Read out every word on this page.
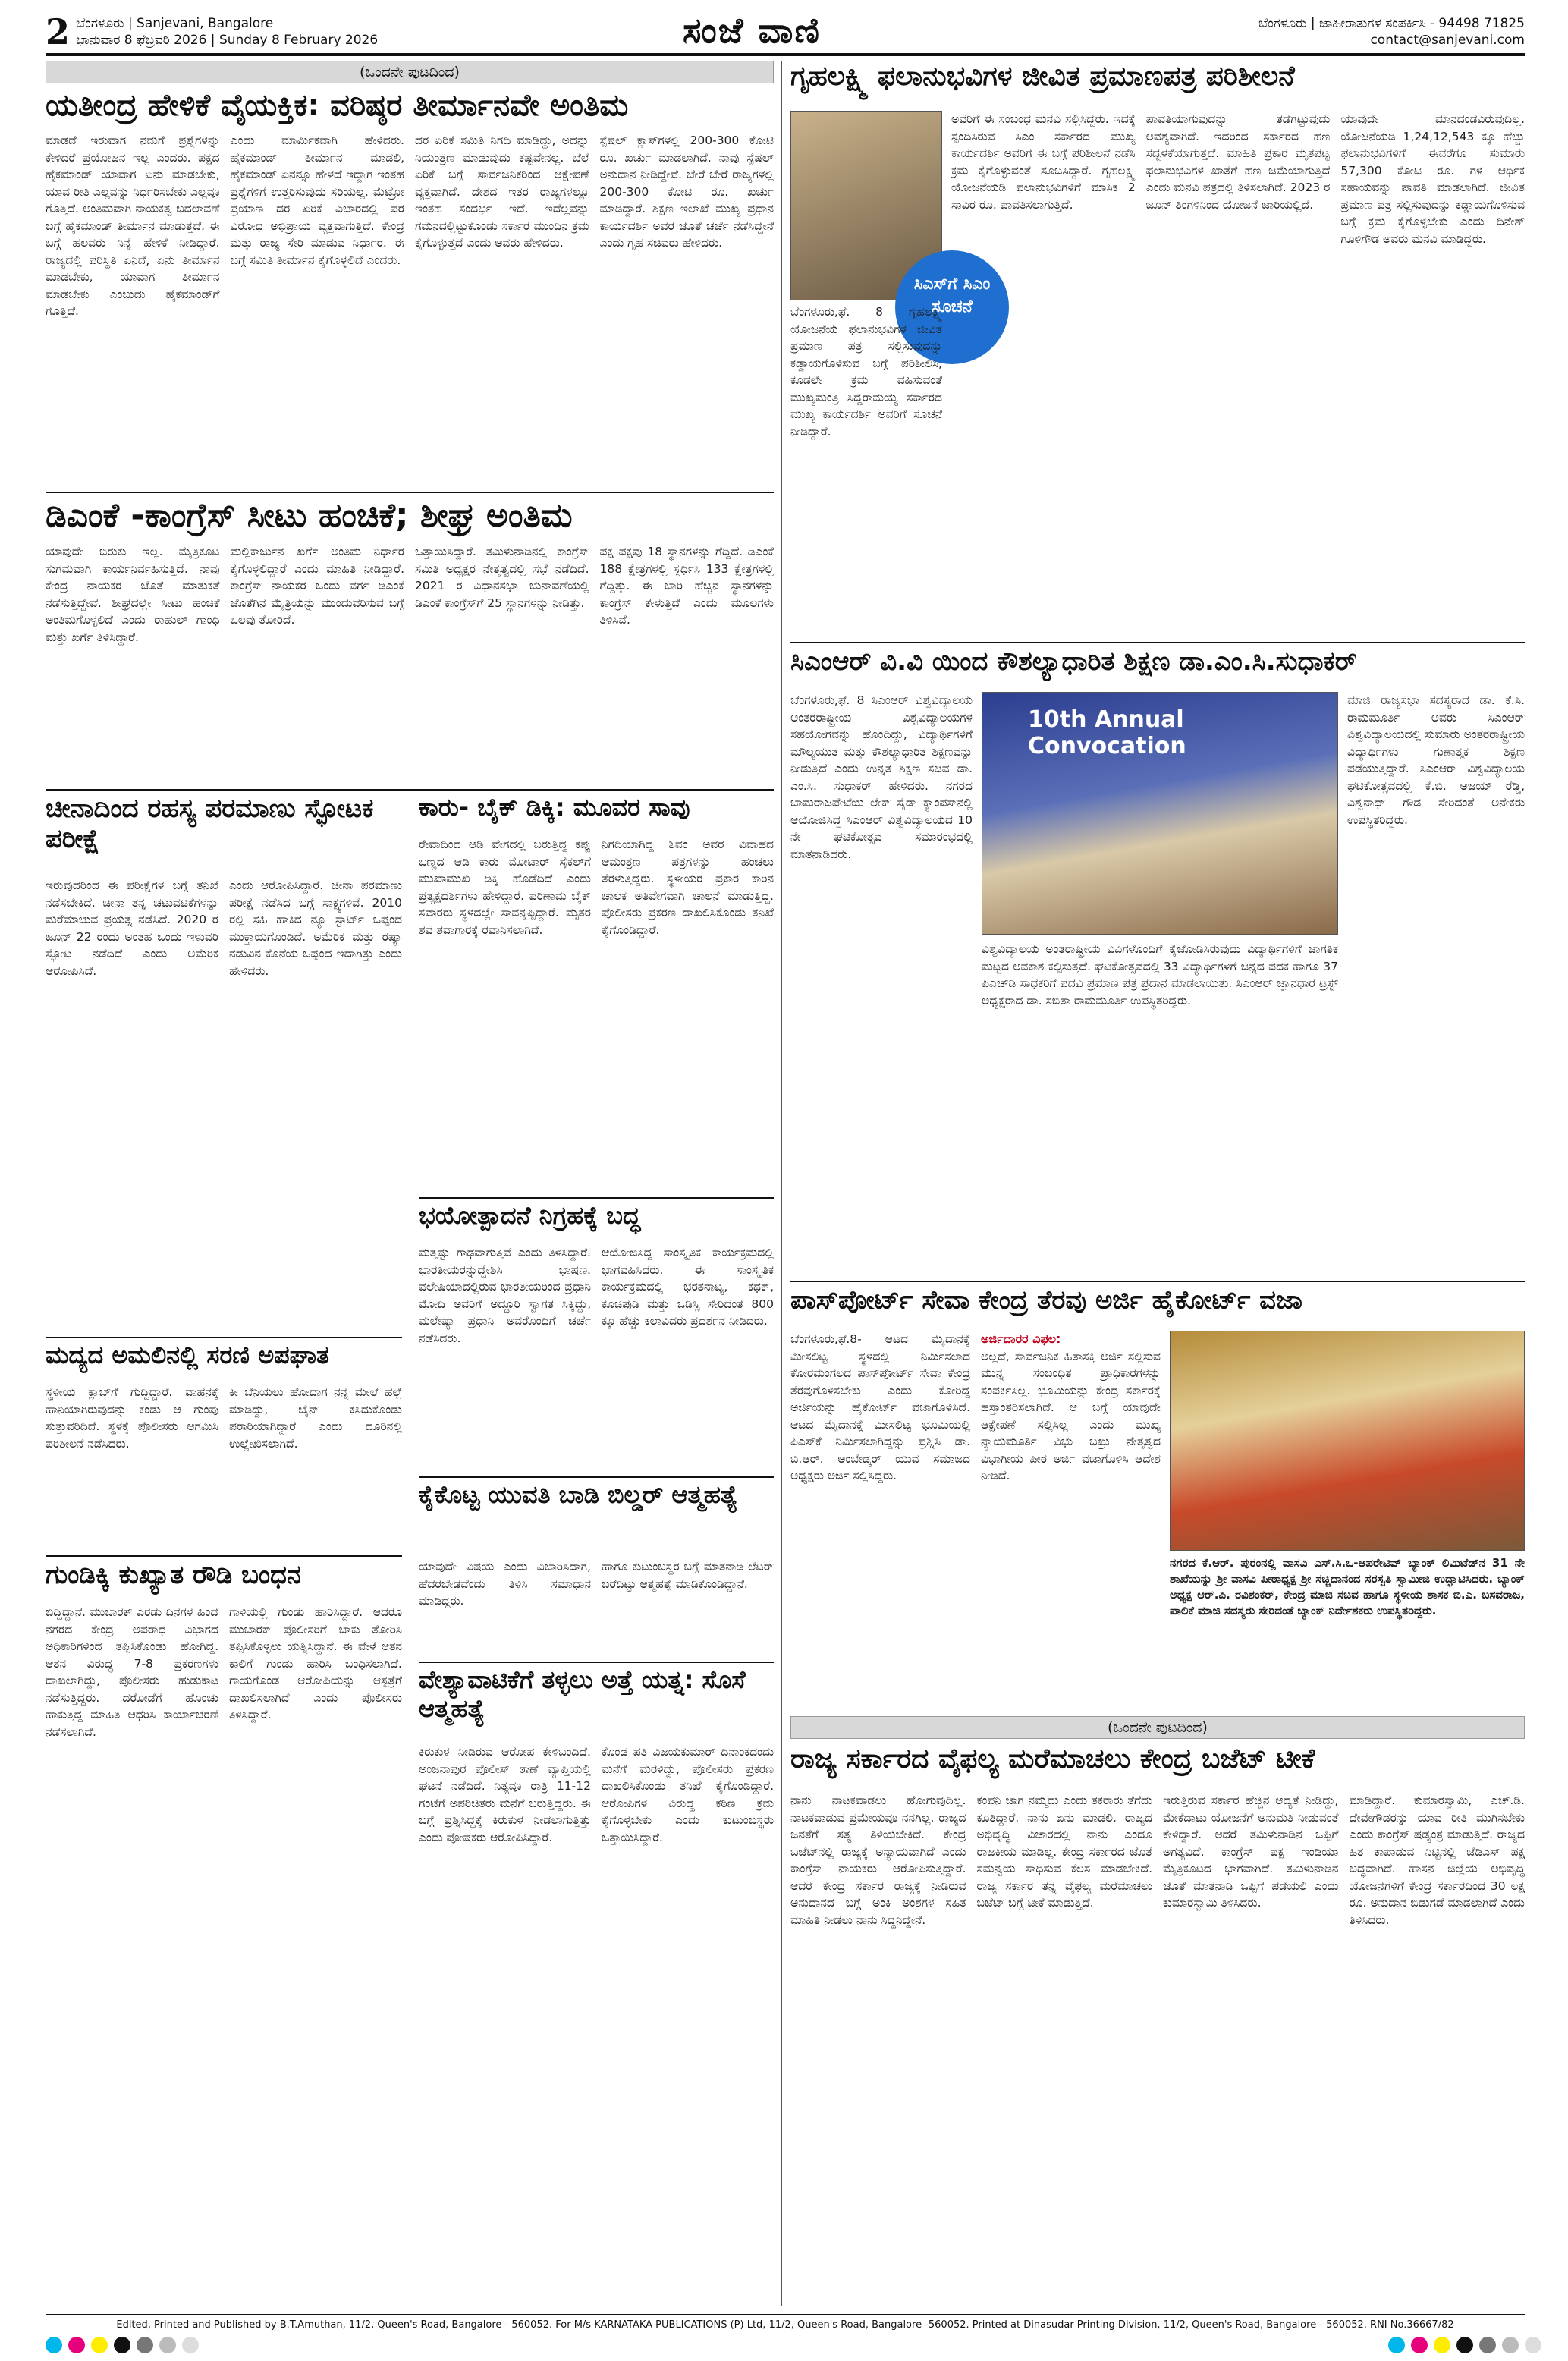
2 ಬೆಂಗಳೂರು | Sanjevani, Bangalore
ಭಾನುವಾರ 8 ಫೆಬ್ರವರಿ 2026 | Sunday 8 February 2026	ಸಂಜೆ ವಾಣಿ	ಬೆಂಗಳೂರು | ಜಾಹೀರಾತುಗಳ ಸಂಪರ್ಕಿಸಿ - 94498 71825
contact@sanjevani.com
(ಒಂದನೇ ಪುಟದಿಂದ)
ಯತೀಂದ್ರ ಹೇಳಿಕೆ ವೈಯಕ್ತಿಕ: ವರಿಷ್ಠರ ತೀರ್ಮಾನವೇ ಅಂತಿಮ
ಮಾಡದೆ ಇರುವಾಗ ನಮಗೆ ಪ್ರಶ್ನೆಗಳನ್ನು ಕೇಳಿದರೆ ಪ್ರಯೋಜನ ಇಲ್ಲ ಎಂದರು. ಪಕ್ಷದ ಹೈಕಮಾಂಡ್ ಯಾವಾಗ ಏನು ಮಾಡಬೇಕು, ಯಾವ ರೀತಿ ಎಲ್ಲವನ್ನು ನಿರ್ಧರಿಸಬೇಕು ಎಲ್ಲವೂ ಗೊತ್ತಿದೆ. ಅಂತಿಮವಾಗಿ ನಾಯಕತ್ವ ಬದಲಾವಣೆ ಬಗ್ಗೆ ಹೈಕಮಾಂಡ್ ತೀರ್ಮಾನ ಮಾಡುತ್ತದೆ. ಈ ಬಗ್ಗೆ ಹಲವರು ನಿನ್ನೆ ಹೇಳಿಕೆ ನೀಡಿದ್ದಾರೆ. ರಾಜ್ಯದಲ್ಲಿ ಪರಿಸ್ಥಿತಿ ಏನಿದೆ, ಏನು ತೀರ್ಮಾನ ಮಾಡಬೇಕು, ಯಾವಾಗ ತೀರ್ಮಾನ ಮಾಡಬೇಕು ಎಂಬುದು ಹೈಕಮಾಂಡ್‌ಗೆ ಗೊತ್ತಿದೆ.
ಎಂದು ಮಾರ್ಮಿಕವಾಗಿ ಹೇಳಿದರು. ಹೈಕಮಾಂಡ್ ತೀರ್ಮಾನ ಮಾಡಲಿ, ಹೈಕಮಾಂಡ್ ಏನನ್ನೂ ಹೇಳದೆ ಇದ್ದಾಗ ಇಂತಹ ಪ್ರಶ್ನೆಗಳಿಗೆ ಉತ್ತರಿಸುವುದು ಸರಿಯಲ್ಲ. ಮೆಟ್ರೋ ಪ್ರಯಾಣ ದರ ಏರಿಕೆ ವಿಚಾರದಲ್ಲಿ ಪರ ವಿರೋಧ ಅಭಿಪ್ರಾಯ ವ್ಯಕ್ತವಾಗುತ್ತಿದೆ. ಕೇಂದ್ರ ಮತ್ತು ರಾಜ್ಯ ಸೇರಿ ಮಾಡುವ ನಿರ್ಧಾರ. ಈ ಬಗ್ಗೆ ಸಮಿತಿ ತೀರ್ಮಾನ ಕೈಗೊಳ್ಳಲಿದೆ ಎಂದರು.
ದರ ಏರಿಕೆ ಸಮಿತಿ ನಿಗದಿ ಮಾಡಿದ್ದು, ಅದನ್ನು ನಿಯಂತ್ರಣ ಮಾಡುವುದು ಕಷ್ಟವೇನಲ್ಲ. ಬೆಲೆ ಏರಿಕೆ ಬಗ್ಗೆ ಸಾರ್ವಜನಿಕರಿಂದ ಆಕ್ಷೇಪಣೆ ವ್ಯಕ್ತವಾಗಿದೆ. ದೇಶದ ಇತರ ರಾಜ್ಯಗಳಲ್ಲೂ ಇಂತಹ ಸಂದರ್ಭ ಇದೆ. ಇದೆಲ್ಲವನ್ನು ಗಮನದಲ್ಲಿಟ್ಟುಕೊಂಡು ಸರ್ಕಾರ ಮುಂದಿನ ಕ್ರಮ ಕೈಗೊಳ್ಳುತ್ತದೆ ಎಂದು ಅವರು ಹೇಳಿದರು.
ಸ್ಪೆಷಲ್ ಕ್ಲಾಸ್‌ಗಳಲ್ಲಿ 200-300 ಕೋಟಿ ರೂ. ಖರ್ಚು ಮಾಡಲಾಗಿದೆ. ನಾವು ಸ್ಪೆಷಲ್ ಅನುದಾನ ನೀಡಿದ್ದೇವೆ. ಬೇರೆ ಬೇರೆ ರಾಜ್ಯಗಳಲ್ಲಿ 200-300 ಕೋಟಿ ರೂ. ಖರ್ಚು ಮಾಡಿದ್ದಾರೆ. ಶಿಕ್ಷಣ ಇಲಾಖೆ ಮುಖ್ಯ ಪ್ರಧಾನ ಕಾರ್ಯದರ್ಶಿ ಅವರ ಜೊತೆ ಚರ್ಚೆ ನಡೆಸಿದ್ದೇನೆ ಎಂದು ಗೃಹ ಸಚಿವರು ಹೇಳಿದರು.
ಡಿಎಂಕೆ -ಕಾಂಗ್ರೆಸ್ ಸೀಟು ಹಂಚಿಕೆ; ಶೀಘ್ರ ಅಂತಿಮ
ಯಾವುದೇ ಬಿರುಕು ಇಲ್ಲ. ಮೈತ್ರಿಕೂಟ ಸುಗಮವಾಗಿ ಕಾರ್ಯನಿರ್ವಹಿಸುತ್ತಿದೆ. ನಾವು ಕೇಂದ್ರ ನಾಯಕರ ಜೊತೆ ಮಾತುಕತೆ ನಡೆಸುತ್ತಿದ್ದೇವೆ. ಶೀಘ್ರದಲ್ಲೇ ಸೀಟು ಹಂಚಿಕೆ ಅಂತಿಮಗೊಳ್ಳಲಿದೆ ಎಂದು ರಾಹುಲ್ ಗಾಂಧಿ ಮತ್ತು ಖರ್ಗೆ ತಿಳಿಸಿದ್ದಾರೆ.
ಮಲ್ಲಿಕಾರ್ಜುನ ಖರ್ಗೆ ಅಂತಿಮ ನಿರ್ಧಾರ ಕೈಗೊಳ್ಳಲಿದ್ದಾರೆ ಎಂದು ಮಾಹಿತಿ ನೀಡಿದ್ದಾರೆ. ಕಾಂಗ್ರೆಸ್ ನಾಯಕರ ಒಂದು ವರ್ಗ ಡಿಎಂಕೆ ಜೊತೆಗಿನ ಮೈತ್ರಿಯನ್ನು ಮುಂದುವರಿಸುವ ಬಗ್ಗೆ ಒಲವು ತೋರಿದೆ.
ಒತ್ತಾಯಿಸಿದ್ದಾರೆ. ತಮಿಳುನಾಡಿನಲ್ಲಿ ಕಾಂಗ್ರೆಸ್ ಸಮಿತಿ ಅಧ್ಯಕ್ಷರ ನೇತೃತ್ವದಲ್ಲಿ ಸಭೆ ನಡೆದಿದೆ. 2021 ರ ವಿಧಾನಸಭಾ ಚುನಾವಣೆಯಲ್ಲಿ ಡಿಎಂಕೆ ಕಾಂಗ್ರೆಸ್‌ಗೆ 25 ಸ್ಥಾನಗಳನ್ನು ನೀಡಿತ್ತು.
ಪಕ್ಷ ಪಕ್ಷವು 18 ಸ್ಥಾನಗಳನ್ನು ಗೆದ್ದಿದೆ. ಡಿಎಂಕೆ 188 ಕ್ಷೇತ್ರಗಳಲ್ಲಿ ಸ್ಪರ್ಧಿಸಿ 133 ಕ್ಷೇತ್ರಗಳಲ್ಲಿ ಗೆದ್ದಿತ್ತು. ಈ ಬಾರಿ ಹೆಚ್ಚಿನ ಸ್ಥಾನಗಳನ್ನು ಕಾಂಗ್ರೆಸ್ ಕೇಳುತ್ತಿದೆ ಎಂದು ಮೂಲಗಳು ತಿಳಿಸಿವೆ.
ಚೀನಾದಿಂದ ರಹಸ್ಯ ಪರಮಾಣು ಸ್ಫೋಟಕ ಪರೀಕ್ಷೆ
ಇರುವುದರಿಂದ ಈ ಪರೀಕ್ಷೆಗಳ ಬಗ್ಗೆ ತನಿಖೆ ನಡೆಸಬೇಕಿದೆ. ಚೀನಾ ತನ್ನ ಚಟುವಟಿಕೆಗಳನ್ನು ಮರೆಮಾಚುವ ಪ್ರಯತ್ನ ನಡೆಸಿದೆ. 2020 ರ ಜೂನ್ 22 ರಂದು ಅಂತಹ ಒಂದು ಇಳುವರಿ ಸ್ಫೋಟ ನಡೆದಿದೆ ಎಂದು ಅಮೆರಿಕ ಆರೋಪಿಸಿದೆ.
ಎಂದು ಆರೋಪಿಸಿದ್ದಾರೆ. ಚೀನಾ ಪರಮಾಣು ಪರೀಕ್ಷೆ ನಡೆಸಿದ ಬಗ್ಗೆ ಸಾಕ್ಷ್ಯಗಳಿವೆ. 2010 ರಲ್ಲಿ ಸಹಿ ಹಾಕಿದ ನ್ಯೂ ಸ್ಟಾರ್ಟ್ ಒಪ್ಪಂದ ಮುಕ್ತಾಯಗೊಂಡಿದೆ. ಅಮೆರಿಕ ಮತ್ತು ರಷ್ಯಾ ನಡುವಿನ ಕೊನೆಯ ಒಪ್ಪಂದ ಇದಾಗಿತ್ತು ಎಂದು ಹೇಳಿದರು.
ಕಾರು- ಬೈಕ್ ಡಿಕ್ಕಿ: ಮೂವರ ಸಾವು
ರೇವಾದಿಂದ ಆಡಿ ವೇಗದಲ್ಲಿ ಬರುತ್ತಿದ್ದ ಕಪ್ಪು ಬಣ್ಣದ ಆಡಿ ಕಾರು ಮೋಟಾರ್ ಸೈಕಲ್‌ಗೆ ಮುಖಾಮುಖಿ ಡಿಕ್ಕಿ ಹೊಡೆದಿದೆ ಎಂದು ಪ್ರತ್ಯಕ್ಷದರ್ಶಿಗಳು ಹೇಳಿದ್ದಾರೆ. ಪರಿಣಾಮ ಬೈಕ್ ಸವಾರರು ಸ್ಥಳದಲ್ಲೇ ಸಾವನ್ನಪ್ಪಿದ್ದಾರೆ. ಮೃತರ ಶವ ಶವಾಗಾರಕ್ಕೆ ರವಾನಿಸಲಾಗಿದೆ.
ನಿಗದಿಯಾಗಿದ್ದ ಶಿವಂ ಅವರ ವಿವಾಹದ ಆಮಂತ್ರಣ ಪತ್ರಗಳನ್ನು ಹಂಚಲು ತೆರಳುತ್ತಿದ್ದರು. ಸ್ಥಳೀಯರ ಪ್ರಕಾರ ಕಾರಿನ ಚಾಲಕ ಅತಿವೇಗವಾಗಿ ಚಾಲನೆ ಮಾಡುತ್ತಿದ್ದ. ಪೊಲೀಸರು ಪ್ರಕರಣ ದಾಖಲಿಸಿಕೊಂಡು ತನಿಖೆ ಕೈಗೊಂಡಿದ್ದಾರೆ.
ಭಯೋತ್ಪಾದನೆ ನಿಗ್ರಹಕ್ಕೆ ಬದ್ಧ
ಮತ್ತಷ್ಟು ಗಾಢವಾಗುತ್ತಿವೆ ಎಂದು ತಿಳಿಸಿದ್ದಾರೆ. ಭಾರತೀಯರನ್ನುದ್ದೇಶಿಸಿ ಭಾಷಣ. ವಲೇಷಿಯಾದಲ್ಲಿರುವ ಭಾರತೀಯರಿಂದ ಪ್ರಧಾನಿ ಮೋದಿ ಅವರಿಗೆ ಅದ್ಧೂರಿ ಸ್ವಾಗತ ಸಿಕ್ಕಿದ್ದು, ಮಲೇಷ್ಯಾ ಪ್ರಧಾನಿ ಅವರೊಂದಿಗೆ ಚರ್ಚೆ ನಡೆಸಿದರು.
ಆಯೋಜಿಸಿದ್ದ ಸಾಂಸ್ಕೃತಿಕ ಕಾರ್ಯಕ್ರಮದಲ್ಲಿ ಭಾಗವಹಿಸಿದರು. ಈ ಸಾಂಸ್ಕೃತಿಕ ಕಾರ್ಯಕ್ರಮದಲ್ಲಿ ಭರತನಾಟ್ಯ, ಕಥಕ್, ಕೂಚಿಪುಡಿ ಮತ್ತು ಒಡಿಸ್ಸಿ ಸೇರಿದಂತೆ 800 ಕ್ಕೂ ಹೆಚ್ಚು ಕಲಾವಿದರು ಪ್ರದರ್ಶನ ನೀಡಿದರು.
ಮದ್ಯದ ಅಮಲಿನಲ್ಲಿ ಸರಣಿ ಅಪಘಾತ
ಸ್ಥಳೀಯ ಕ್ಲಾಬ್‌ಗೆ ಗುದ್ದಿದ್ದಾರೆ. ವಾಹನಕ್ಕೆ ಹಾನಿಯಾಗಿರುವುದನ್ನು ಕಂಡು ಆ ಗುಂಪು ಸುತ್ತುವರಿದಿದೆ. ಸ್ಥಳಕ್ಕೆ ಪೊಲೀಸರು ಆಗಮಿಸಿ ಪರಿಶೀಲನೆ ನಡೆಸಿದರು.
ಕೀ ಬೆನಿಯಲು ಹೋದಾಗ ನನ್ನ ಮೇಲೆ ಹಲ್ಲೆ ಮಾಡಿದ್ದು, ಚೈನ್ ಕಸಿದುಕೊಂಡು ಪರಾರಿಯಾಗಿದ್ದಾರೆ ಎಂದು ದೂರಿನಲ್ಲಿ ಉಲ್ಲೇಖಿಸಲಾಗಿದೆ.
ಕೈಕೊಟ್ಟ ಯುವತಿ ಬಾಡಿ ಬಿಲ್ಡರ್ ಆತ್ಮಹತ್ಯೆ
ಯಾವುದೇ ವಿಷಯ ಎಂದು ವಿಚಾರಿಸಿದಾಗ, ಹೆದರಬೇಡವೆಂದು ತಿಳಿಸಿ ಸಮಾಧಾನ ಮಾಡಿದ್ದರು.
ಹಾಗೂ ಕುಟುಂಬಸ್ಥರ ಬಗ್ಗೆ ಮಾತನಾಡಿ ಲೆಟರ್ ಬರೆದಿಟ್ಟು ಆತ್ಮಹತ್ಯೆ ಮಾಡಿಕೊಂಡಿದ್ದಾನೆ.
ಗುಂಡಿಕ್ಕಿ ಕುಖ್ಯಾತ ರೌಡಿ ಬಂಧನ
ಬಿದ್ದಿದ್ದಾನೆ. ಮುಬಾರಕ್ ಎರಡು ದಿನಗಳ ಹಿಂದೆ ನಗರದ ಕೇಂದ್ರ ಅಪರಾಧ ವಿಭಾಗದ ಅಧಿಕಾರಿಗಳಿಂದ ತಪ್ಪಿಸಿಕೊಂಡು ಹೋಗಿದ್ದ. ಆತನ ವಿರುದ್ಧ 7-8 ಪ್ರಕರಣಗಳು ದಾಖಲಾಗಿದ್ದು, ಪೊಲೀಸರು ಹುಡುಕಾಟ ನಡೆಸುತ್ತಿದ್ದರು. ದರೋಡೆಗೆ ಹೊಂಚು ಹಾಕುತ್ತಿದ್ದ ಮಾಹಿತಿ ಆಧರಿಸಿ ಕಾರ್ಯಾಚರಣೆ ನಡೆಸಲಾಗಿದೆ.
ಗಾಳಿಯಲ್ಲಿ ಗುಂಡು ಹಾರಿಸಿದ್ದಾರೆ. ಆದರೂ ಮುಬಾರಕ್ ಪೊಲೀಸರಿಗೆ ಚಾಕು ತೋರಿಸಿ ತಪ್ಪಿಸಿಕೊಳ್ಳಲು ಯತ್ನಿಸಿದ್ದಾನೆ. ಈ ವೇಳೆ ಆತನ ಕಾಲಿಗೆ ಗುಂಡು ಹಾರಿಸಿ ಬಂಧಿಸಲಾಗಿದೆ. ಗಾಯಗೊಂಡ ಆರೋಪಿಯನ್ನು ಆಸ್ಪತ್ರೆಗೆ ದಾಖಲಿಸಲಾಗಿದೆ ಎಂದು ಪೊಲೀಸರು ತಿಳಿಸಿದ್ದಾರೆ.
ವೇಶ್ಯಾವಾಟಿಕೆಗೆ ತಳ್ಳಲು ಅತ್ತೆ ಯತ್ನ: ಸೊಸೆ ಆತ್ಮಹತ್ಯೆ
ಕಿರುಕುಳ ನೀಡಿರುವ ಆರೋಪ ಕೇಳಿಬಂದಿದೆ. ಅಂಜನಾಪುರ ಪೊಲೀಸ್ ಠಾಣೆ ವ್ಯಾಪ್ತಿಯಲ್ಲಿ ಘಟನೆ ನಡೆದಿದೆ. ನಿತ್ಯವೂ ರಾತ್ರಿ 11-12 ಗಂಟೆಗೆ ಅಪರಿಚಿತರು ಮನೆಗೆ ಬರುತ್ತಿದ್ದರು. ಈ ಬಗ್ಗೆ ಪ್ರಶ್ನಿಸಿದ್ದಕ್ಕೆ ಕಿರುಕುಳ ನೀಡಲಾಗುತ್ತಿತ್ತು ಎಂದು ಪೋಷಕರು ಆರೋಪಿಸಿದ್ದಾರೆ.
ಕೊಂಡ ಪತಿ ವಿಜಯಕುಮಾರ್ ದಿನಾಂಕದಂದು ಮನೆಗೆ ಮರಳಿದ್ದು, ಪೊಲೀಸರು ಪ್ರಕರಣ ದಾಖಲಿಸಿಕೊಂಡು ತನಿಖೆ ಕೈಗೊಂಡಿದ್ದಾರೆ. ಆರೋಪಿಗಳ ವಿರುದ್ಧ ಕಠಿಣ ಕ್ರಮ ಕೈಗೊಳ್ಳಬೇಕು ಎಂದು ಕುಟುಂಬಸ್ಥರು ಒತ್ತಾಯಿಸಿದ್ದಾರೆ.
ಗೃಹಲಕ್ಷ್ಮಿ ಫಲಾನುಭವಿಗಳ ಜೀವಿತ ಪ್ರಮಾಣಪತ್ರ ಪರಿಶೀಲನೆ
ಸಿಎಸ್‌ಗೆ ಸಿಎಂ ಸೂಚನೆ
ಬೆಂಗಳೂರು,ಫೆ. 8 ಗೃಹಲಕ್ಷ್ಮಿ ಯೋಜನೆಯ ಫಲಾನುಭವಿಗಳ ಜೀವಿತ ಪ್ರಮಾಣ ಪತ್ರ ಸಲ್ಲಿಸುವುದನ್ನು ಕಡ್ಡಾಯಗೊಳಿಸುವ ಬಗ್ಗೆ ಪರಿಶೀಲಿಸಿ, ಕೂಡಲೇ ಕ್ರಮ ವಹಿಸುವಂತೆ ಮುಖ್ಯಮಂತ್ರಿ ಸಿದ್ದರಾಮಯ್ಯ ಸರ್ಕಾರದ ಮುಖ್ಯ ಕಾರ್ಯದರ್ಶಿ ಅವರಿಗೆ ಸೂಚನೆ ನೀಡಿದ್ದಾರೆ.
ಅವರಿಗೆ ಈ ಸಂಬಂಧ ಮನವಿ ಸಲ್ಲಿಸಿದ್ದರು. ಇದಕ್ಕೆ ಸ್ಪಂದಿಸಿರುವ ಸಿಎಂ ಸರ್ಕಾರದ ಮುಖ್ಯ ಕಾರ್ಯದರ್ಶಿ ಅವರಿಗೆ ಈ ಬಗ್ಗೆ ಪರಿಶೀಲನೆ ನಡೆಸಿ ಕ್ರಮ ಕೈಗೊಳ್ಳುವಂತೆ ಸೂಚಿಸಿದ್ದಾರೆ. ಗೃಹಲಕ್ಷ್ಮಿ ಯೋಜನೆಯಡಿ ಫಲಾನುಭವಿಗಳಿಗೆ ಮಾಸಿಕ 2 ಸಾವಿರ ರೂ. ಪಾವತಿಸಲಾಗುತ್ತಿದೆ.
ಪಾವತಿಯಾಗುವುದನ್ನು ತಡೆಗಟ್ಟುವುದು ಅವಶ್ಯವಾಗಿದೆ. ಇದರಿಂದ ಸರ್ಕಾರದ ಹಣ ಸದ್ಬಳಕೆಯಾಗುತ್ತದೆ. ಮಾಹಿತಿ ಪ್ರಕಾರ ಮೃತಪಟ್ಟ ಫಲಾನುಭವಿಗಳ ಖಾತೆಗೆ ಹಣ ಜಮೆಯಾಗುತ್ತಿದೆ ಎಂದು ಮನವಿ ಪತ್ರದಲ್ಲಿ ತಿಳಿಸಲಾಗಿದೆ. 2023 ರ ಜೂನ್ ತಿಂಗಳಿನಿಂದ ಯೋಜನೆ ಜಾರಿಯಲ್ಲಿದೆ.
ಯಾವುದೇ ಮಾನದಂಡವಿರುವುದಿಲ್ಲ. ಯೋಜನೆಯಡಿ 1,24,12,543 ಕ್ಕೂ ಹೆಚ್ಚು ಫಲಾನುಭವಿಗಳಿಗೆ ಈವರೆಗೂ ಸುಮಾರು 57,300 ಕೋಟಿ ರೂ. ಗಳ ಆರ್ಥಿಕ ಸಹಾಯವನ್ನು ಪಾವತಿ ಮಾಡಲಾಗಿದೆ. ಜೀವಿತ ಪ್ರಮಾಣ ಪತ್ರ ಸಲ್ಲಿಸುವುದನ್ನು ಕಡ್ಡಾಯಗೊಳಿಸುವ ಬಗ್ಗೆ ಕ್ರಮ ಕೈಗೊಳ್ಳಬೇಕು ಎಂದು ದಿನೇಶ್ ಗೂಳಿಗೌಡ ಅವರು ಮನವಿ ಮಾಡಿದ್ದರು.
ಸಿಎಂಆರ್ ವಿ.ವಿ ಯಿಂದ ಕೌಶಲ್ಯಾಧಾರಿತ ಶಿಕ್ಷಣ ಡಾ.ಎಂ.ಸಿ.ಸುಧಾಕರ್
ಬೆಂಗಳೂರು,ಫೆ. 8 ಸಿಎಂಆರ್ ವಿಶ್ವವಿದ್ಯಾಲಯ ಅಂತರರಾಷ್ಟ್ರೀಯ ವಿಶ್ವವಿದ್ಯಾಲಯಗಳ ಸಹಯೋಗವನ್ನು ಹೊಂದಿದ್ದು, ವಿದ್ಯಾರ್ಥಿಗಳಿಗೆ ಮೌಲ್ಯಯುತ ಮತ್ತು ಕೌಶಲ್ಯಾಧಾರಿತ ಶಿಕ್ಷಣವನ್ನು ನೀಡುತ್ತಿದೆ ಎಂದು ಉನ್ನತ ಶಿಕ್ಷಣ ಸಚಿವ ಡಾ. ಎಂ.ಸಿ. ಸುಧಾಕರ್ ಹೇಳಿದರು. ನಗರದ ಚಾಮರಾಜಪೇಟೆಯ ಲೇಕ್ ಸೈಡ್ ಕ್ಯಾಂಪಸ್‌ನಲ್ಲಿ ಆಯೋಜಿಸಿದ್ದ ಸಿಎಂಆರ್ ವಿಶ್ವವಿದ್ಯಾಲಯದ 10 ನೇ ಘಟಿಕೋತ್ಸವ ಸಮಾರಂಭದಲ್ಲಿ ಮಾತನಾಡಿದರು.
10th Annual Convocation
ವಿಶ್ವವಿದ್ಯಾಲಯ ಅಂತರಾಷ್ಟ್ರೀಯ ವಿವಿಗಳೊಂದಿಗೆ ಕೈಜೋಡಿಸಿರುವುದು ವಿದ್ಯಾರ್ಥಿಗಳಿಗೆ ಜಾಗತಿಕ ಮಟ್ಟದ ಅವಕಾಶ ಕಲ್ಪಿಸುತ್ತದೆ. ಘಟಿಕೋತ್ಸವದಲ್ಲಿ 33 ವಿದ್ಯಾರ್ಥಿಗಳಿಗೆ ಚಿನ್ನದ ಪದಕ ಹಾಗೂ 37 ಪಿಎಚ್‌ಡಿ ಸಾಧಕರಿಗೆ ಪದವಿ ಪ್ರಮಾಣ ಪತ್ರ ಪ್ರದಾನ ಮಾಡಲಾಯಿತು. ಸಿಎಂಆರ್ ಜ್ಞಾನಧಾರ ಟ್ರಸ್ಟ್ ಅಧ್ಯಕ್ಷರಾದ ಡಾ. ಸಬಿತಾ ರಾಮಮೂರ್ತಿ ಉಪಸ್ಥಿತರಿದ್ದರು.
ಮಾಜಿ ರಾಜ್ಯಸಭಾ ಸದಸ್ಯರಾದ ಡಾ. ಕೆ.ಸಿ. ರಾಮಮೂರ್ತಿ ಅವರು ಸಿಎಂಆರ್ ವಿಶ್ವವಿದ್ಯಾಲಯದಲ್ಲಿ ಸುಮಾರು ಅಂತರರಾಷ್ಟ್ರೀಯ ವಿದ್ಯಾರ್ಥಿಗಳು ಗುಣಾತ್ಮಕ ಶಿಕ್ಷಣ ಪಡೆಯುತ್ತಿದ್ದಾರೆ. ಸಿಎಂಆರ್ ವಿಶ್ವವಿದ್ಯಾಲಯ ಘಟಿಕೋತ್ಸವದಲ್ಲಿ ಕೆ.ಬಿ. ಅಜಯ್ ರೆಡ್ಡಿ, ವಿಶ್ವನಾಥ್ ಗೌಡ ಸೇರಿದಂತೆ ಅನೇಕರು ಉಪಸ್ಥಿತರಿದ್ದರು.
ಪಾಸ್‌ಪೋರ್ಟ್ ಸೇವಾ ಕೇಂದ್ರ ತೆರವು ಅರ್ಜಿ ಹೈಕೋರ್ಟ್ ವಜಾ
ಬೆಂಗಳೂರು,ಫೆ.8- ಆಟದ ಮೈದಾನಕ್ಕೆ ಮೀಸಲಿಟ್ಟ ಸ್ಥಳದಲ್ಲಿ ನಿರ್ಮಿಸಲಾದ ಕೋರಮಂಗಲದ ಪಾಸ್‌ಪೋರ್ಟ್ ಸೇವಾ ಕೇಂದ್ರ ತೆರವುಗೊಳಿಸಬೇಕು ಎಂದು ಕೋರಿದ್ದ ಅರ್ಜಿಯನ್ನು ಹೈಕೋರ್ಟ್ ವಜಾಗೊಳಿಸಿದೆ. ಆಟದ ಮೈದಾನಕ್ಕೆ ಮೀಸಲಿಟ್ಟ ಭೂಮಿಯಲ್ಲಿ ಪಿಎಸ್‌ಕೆ ನಿರ್ಮಿಸಲಾಗಿದ್ದನ್ನು ಪ್ರಶ್ನಿಸಿ ಡಾ. ಬಿ.ಆರ್. ಅಂಬೇಡ್ಕರ್ ಯುವ ಸಮಾಜದ ಅಧ್ಯಕ್ಷರು ಅರ್ಜಿ ಸಲ್ಲಿಸಿದ್ದರು.
ಅರ್ಜಿದಾರರ ವಿಫಲ:
ಅಲ್ಲದೆ, ಸಾರ್ವಜನಿಕ ಹಿತಾಸಕ್ತಿ ಅರ್ಜಿ ಸಲ್ಲಿಸುವ ಮುನ್ನ ಸಂಬಂಧಿತ ಪ್ರಾಧಿಕಾರಗಳನ್ನು ಸಂಪರ್ಕಿಸಿಲ್ಲ. ಭೂಮಿಯನ್ನು ಕೇಂದ್ರ ಸರ್ಕಾರಕ್ಕೆ ಹಸ್ತಾಂತರಿಸಲಾಗಿದೆ. ಆ ಬಗ್ಗೆ ಯಾವುದೇ ಆಕ್ಷೇಪಣೆ ಸಲ್ಲಿಸಿಲ್ಲ ಎಂದು ಮುಖ್ಯ ನ್ಯಾಯಮೂರ್ತಿ ವಿಭು ಬಖ್ರು ನೇತೃತ್ವದ ವಿಭಾಗೀಯ ಪೀಠ ಅರ್ಜಿ ವಜಾಗೊಳಿಸಿ ಆದೇಶ ನೀಡಿದೆ.
ನಗರದ ಕೆ.ಆರ್. ಪುರಂನಲ್ಲಿ ವಾಸವಿ ಎಸ್.ಸಿ.ಒ-ಆಪರೇಟಿವ್ ಬ್ಯಾಂಕ್ ಲಿಮಿಟೆಡ್‌ನ 31 ನೇ ಶಾಖೆಯನ್ನು ಶ್ರೀ ವಾಸವಿ ಪೀಠಾಧ್ಯಕ್ಷ ಶ್ರೀ ಸಚ್ಚಿದಾನಂದ ಸರಸ್ವತಿ ಸ್ವಾಮೀಜಿ ಉದ್ಘಾಟಿಸಿದರು. ಬ್ಯಾಂಕ್ ಅಧ್ಯಕ್ಷ ಆರ್.ಪಿ. ರವಿಶಂಕರ್, ಕೇಂದ್ರ ಮಾಜಿ ಸಚಿವ ಹಾಗೂ ಸ್ಥಳೀಯ ಶಾಸಕ ಬಿ.ಎ. ಬಸವರಾಜ, ಪಾಲಿಕೆ ಮಾಜಿ ಸದಸ್ಯರು ಸೇರಿದಂತೆ ಬ್ಯಾಂಕ್ ನಿರ್ದೇಶಕರು ಉಪಸ್ಥಿತರಿದ್ದರು.
(ಒಂದನೇ ಪುಟದಿಂದ)
ರಾಜ್ಯ ಸರ್ಕಾರದ ವೈಫಲ್ಯ ಮರೆಮಾಚಲು ಕೇಂದ್ರ ಬಜೆಟ್ ಟೀಕೆ
ನಾನು ನಾಟಕವಾಡಲು ಹೋಗುವುದಿಲ್ಲ. ನಾಟಕವಾಡುವ ಪ್ರಮೇಯವೂ ನನಗಿಲ್ಲ. ರಾಜ್ಯದ ಜನತೆಗೆ ಸತ್ಯ ತಿಳಿಯಬೇಕಿದೆ. ಕೇಂದ್ರ ಬಜೆಟ್‌ನಲ್ಲಿ ರಾಜ್ಯಕ್ಕೆ ಅನ್ಯಾಯವಾಗಿದೆ ಎಂದು ಕಾಂಗ್ರೆಸ್ ನಾಯಕರು ಆರೋಪಿಸುತ್ತಿದ್ದಾರೆ. ಆದರೆ ಕೇಂದ್ರ ಸರ್ಕಾರ ರಾಜ್ಯಕ್ಕೆ ನೀಡಿರುವ ಅನುದಾನದ ಬಗ್ಗೆ ಅಂಕಿ ಅಂಶಗಳ ಸಹಿತ ಮಾಹಿತಿ ನೀಡಲು ನಾನು ಸಿದ್ಧನಿದ್ದೇನೆ.
ಕಂಪನಿ ಜಾಗ ನಮ್ಮದು ಎಂದು ತಕರಾರು ತೆಗೆದು ಕೂತಿದ್ದಾರೆ. ನಾನು ಏನು ಮಾಡಲಿ. ರಾಜ್ಯದ ಅಭಿವೃದ್ಧಿ ವಿಚಾರದಲ್ಲಿ ನಾನು ಎಂದೂ ರಾಜಕೀಯ ಮಾಡಿಲ್ಲ. ಕೇಂದ್ರ ಸರ್ಕಾರದ ಜೊತೆ ಸಮನ್ವಯ ಸಾಧಿಸುವ ಕೆಲಸ ಮಾಡಬೇಕಿದೆ. ರಾಜ್ಯ ಸರ್ಕಾರ ತನ್ನ ವೈಫಲ್ಯ ಮರೆಮಾಚಲು ಬಜೆಟ್ ಬಗ್ಗೆ ಟೀಕೆ ಮಾಡುತ್ತಿದೆ.
ಇರುತ್ತಿರುವ ಸರ್ಕಾರ ಹೆಚ್ಚಿನ ಆದ್ಯತೆ ನೀಡಿದ್ದು, ಮೇಕೆದಾಟು ಯೋಜನೆಗೆ ಅನುಮತಿ ನೀಡುವಂತೆ ಕೇಳಿದ್ದಾರೆ. ಆದರೆ ತಮಿಳುನಾಡಿನ ಒಪ್ಪಿಗೆ ಅಗತ್ಯವಿದೆ. ಕಾಂಗ್ರೆಸ್ ಪಕ್ಷ ಇಂಡಿಯಾ ಮೈತ್ರಿಕೂಟದ ಭಾಗವಾಗಿದೆ. ತಮಿಳುನಾಡಿನ ಜೊತೆ ಮಾತನಾಡಿ ಒಪ್ಪಿಗೆ ಪಡೆಯಲಿ ಎಂದು ಕುಮಾರಸ್ವಾಮಿ ತಿಳಿಸಿದರು.
ಮಾಡಿದ್ದಾರೆ. ಕುಮಾರಸ್ವಾಮಿ, ಎಚ್.ಡಿ. ದೇವೇಗೌಡರನ್ನು ಯಾವ ರೀತಿ ಮುಗಿಸಬೇಕು ಎಂದು ಕಾಂಗ್ರೆಸ್ ಷಡ್ಯಂತ್ರ ಮಾಡುತ್ತಿದೆ. ರಾಜ್ಯದ ಹಿತ ಕಾಪಾಡುವ ನಿಟ್ಟಿನಲ್ಲಿ ಜೆಡಿಎಸ್ ಪಕ್ಷ ಬದ್ಧವಾಗಿದೆ. ಹಾಸನ ಜಿಲ್ಲೆಯ ಅಭಿವೃದ್ಧಿ ಯೋಜನೆಗಳಿಗೆ ಕೇಂದ್ರ ಸರ್ಕಾರದಿಂದ 30 ಲಕ್ಷ ರೂ. ಅನುದಾನ ಬಿಡುಗಡೆ ಮಾಡಲಾಗಿದೆ ಎಂದು ತಿಳಿಸಿದರು.
Edited, Printed and Published by B.T.Amuthan, 11/2, Queen's Road, Bangalore - 560052. For M/s KARNATAKA PUBLICATIONS (P) Ltd, 11/2, Queen's Road, Bangalore -560052. Printed at Dinasudar Printing Division, 11/2, Queen's Road, Bangalore - 560052. RNI No.36667/82
